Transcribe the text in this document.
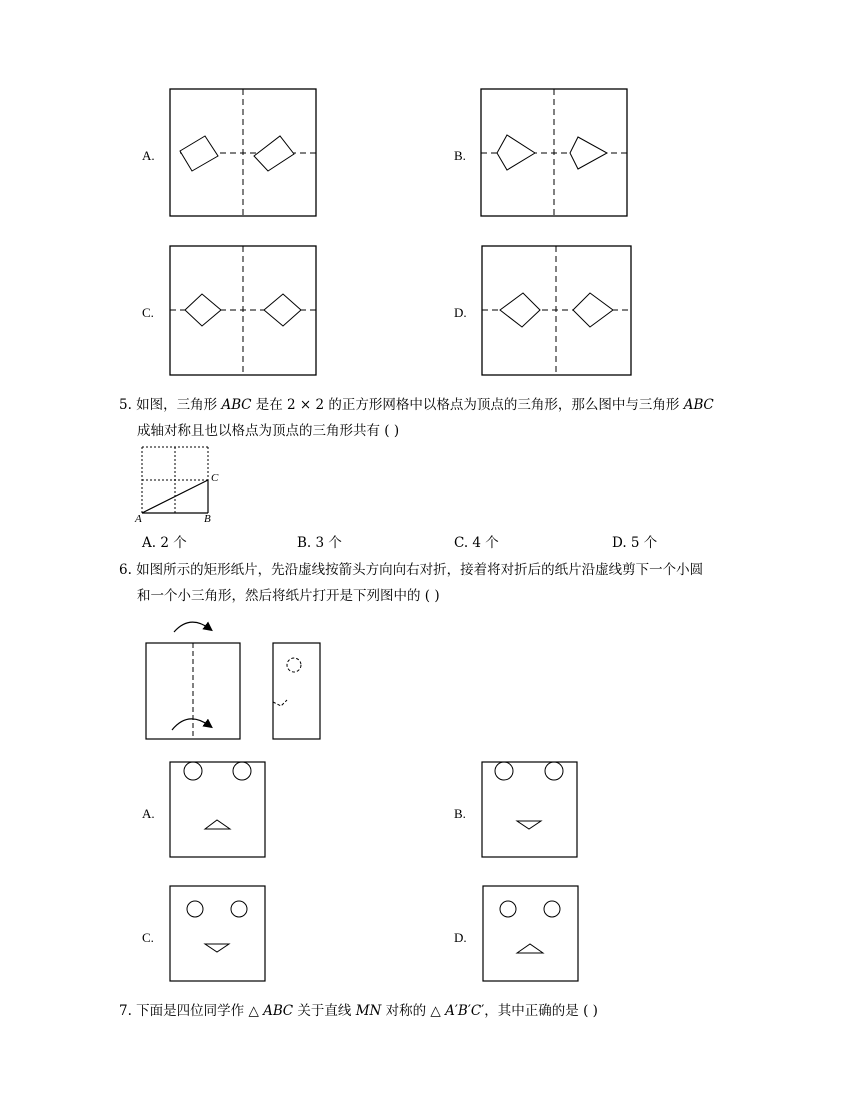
A.	B.
C.	D.
5. 如图，三角形 𝐴𝐵𝐶 是在 2 × 2 的正方形网格中以格点为顶点的三角形，那么图中与三角形 𝐴𝐵𝐶
成轴对称且也以格点为顶点的三角形共有 ( )
A	B
C
A. 2 个	B. 3 个	C. 4 个	D. 5 个
6. 如图所示的矩形纸片，先沿虚线按箭头方向向右对折，接着将对折后的纸片沿虚线剪下一个小圆
和一个小三角形，然后将纸片打开是下列图中的 ( )
A.	B.
C.	D.
7. 下面是四位同学作 △ 𝐴𝐵𝐶 关于直线 𝑀𝑁 对称的 △ 𝐴′𝐵′𝐶′，其中正确的是 ( )
